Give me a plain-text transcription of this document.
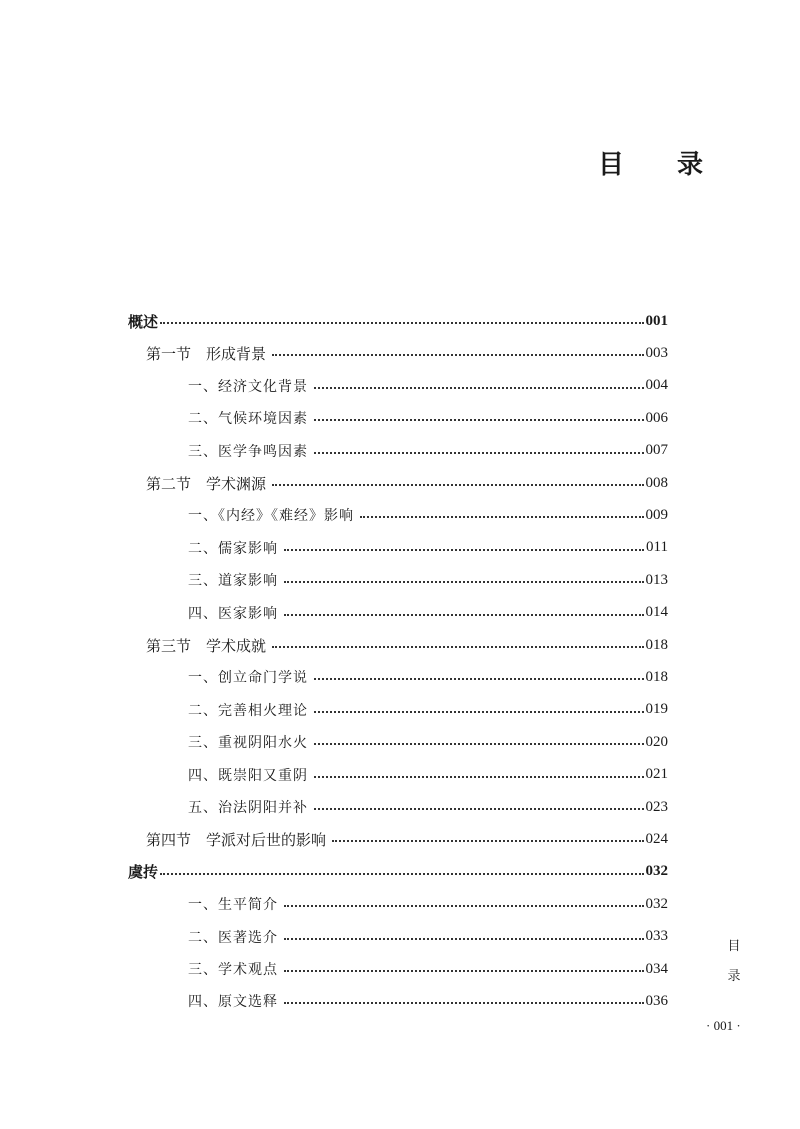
目 录
概述	001
第一节　形成背景	003
一、经济文化背景	004
二、气候环境因素	006
三、医学争鸣因素	007
第二节　学术渊源	008
一、《内经》《难经》影响	009
二、儒家影响	011
三、道家影响	013
四、医家影响	014
第三节　学术成就	018
一、创立命门学说	018
二、完善相火理论	019
三、重视阴阳水火	020
四、既崇阳又重阴	021
五、治法阴阳并补	023
第四节　学派对后世的影响	024
虞抟	032
一、生平简介	032
二、医著选介	033
三、学术观点	034
四、原文选释	036
目
录
· 001 ·
